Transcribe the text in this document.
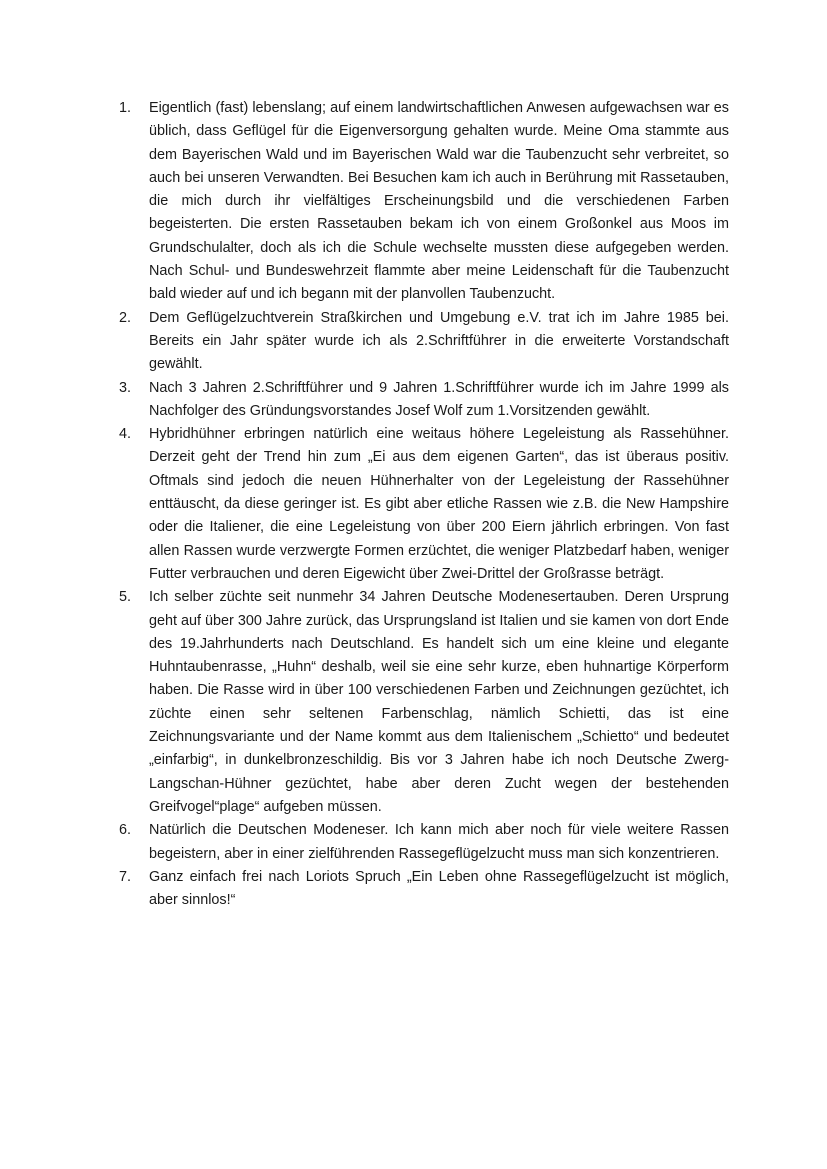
1.	Eigentlich (fast) lebenslang; auf einem landwirtschaftlichen Anwesen aufgewachsen war es üblich, dass Geflügel für die Eigenversorgung gehalten wurde. Meine Oma stammte aus dem Bayerischen Wald und im Bayerischen Wald war die Taubenzucht sehr verbreitet, so auch bei unseren Verwandten. Bei Besuchen kam ich auch in Berührung mit Rassetauben, die mich durch ihr vielfältiges Erscheinungsbild und die verschiedenen Farben begeisterten. Die ersten Rassetauben bekam ich von einem Großonkel aus Moos im Grundschulalter, doch als ich die Schule wechselte mussten diese aufgegeben werden. Nach Schul- und Bundeswehrzeit flammte aber meine Leidenschaft für die Taubenzucht bald wieder auf und ich begann mit der planvollen Taubenzucht.
2.	Dem Geflügelzuchtverein Straßkirchen und Umgebung e.V. trat ich im Jahre 1985 bei. Bereits ein Jahr später wurde ich als 2.Schriftführer in die erweiterte Vorstandschaft gewählt.
3.	Nach 3 Jahren 2.Schriftführer und 9 Jahren 1.Schriftführer wurde ich im Jahre 1999 als Nachfolger des Gründungsvorstandes Josef Wolf zum 1.Vorsitzenden gewählt.
4.	Hybridhühner erbringen natürlich eine weitaus höhere Legeleistung als Rassehühner. Derzeit geht der Trend hin zum „Ei aus dem eigenen Garten“, das ist überaus positiv. Oftmals sind jedoch die neuen Hühnerhalter von der Legeleistung der Rassehühner enttäuscht, da diese geringer ist. Es gibt aber etliche Rassen wie z.B. die New Hampshire oder die Italiener, die eine Legeleistung von über 200 Eiern jährlich erbringen. Von fast allen Rassen wurde verzwergte Formen erzüchtet, die weniger Platzbedarf haben, weniger Futter verbrauchen und deren Eigewicht über Zwei-Drittel der Großrasse beträgt.
5.	Ich selber züchte seit nunmehr 34 Jahren Deutsche Modenesertauben. Deren Ursprung geht auf über 300 Jahre zurück, das Ursprungsland ist Italien und sie kamen von dort Ende des 19.Jahrhunderts nach Deutschland. Es handelt sich um eine kleine und elegante Huhntaubenrasse, „Huhn“ deshalb, weil sie eine sehr kurze, eben huhnartige Körperform haben. Die Rasse wird in über 100 verschiedenen Farben und Zeichnungen gezüchtet, ich züchte einen sehr seltenen Farbenschlag, nämlich Schietti, das ist eine Zeichnungsvariante und der Name kommt aus dem Italienischem „Schietto“ und bedeutet „einfarbig“, in dunkelbronzeschildig. Bis vor 3 Jahren habe ich noch Deutsche Zwerg-Langschan-Hühner gezüchtet, habe aber deren Zucht wegen der bestehenden Greifvogel“plage“ aufgeben müssen.
6.	Natürlich die Deutschen Modeneser. Ich kann mich aber noch für viele weitere Rassen begeistern, aber in einer zielführenden Rassegeflügelzucht muss man sich konzentrieren.
7.	Ganz einfach frei nach Loriots Spruch „Ein Leben ohne Rassegeflügelzucht ist möglich, aber sinnlos!“
